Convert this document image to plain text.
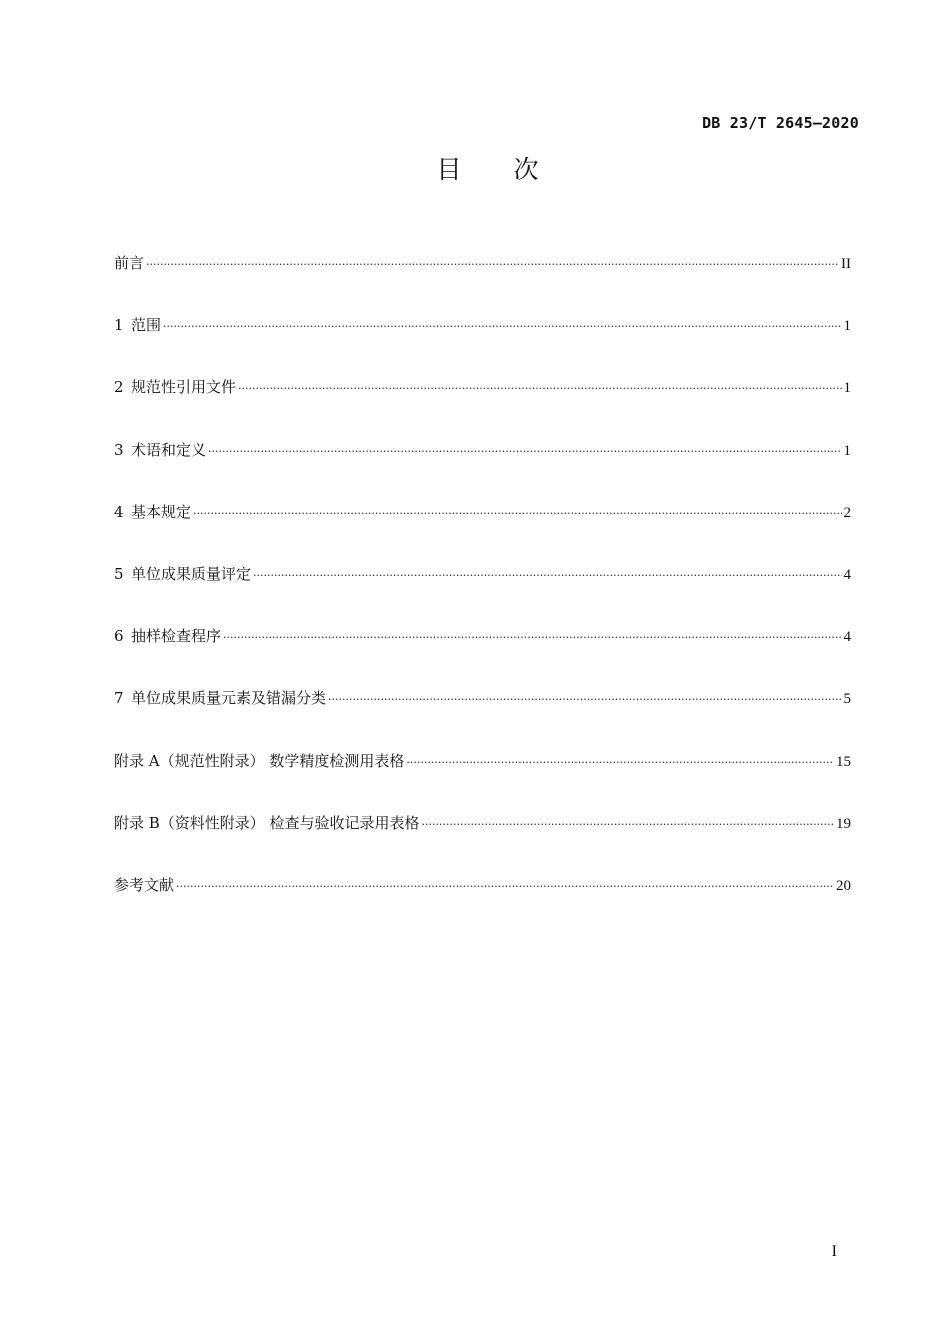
DB 23/T 2645—2020
目 次
前言 ·····	II
1 范围 ·····	1
2 规范性引用文件 ·····	1
3 术语和定义 ·····	1
4 基本规定 ·····	2
5 单位成果质量评定 ·····	4
6 抽样检查程序 ·····	4
7 单位成果质量元素及错漏分类 ·····	5
附录 A（规范性附录） 数学精度检测用表格 ·····	15
附录 B（资料性附录） 检查与验收记录用表格 ·····	19
参考文献 ·····	20
I
